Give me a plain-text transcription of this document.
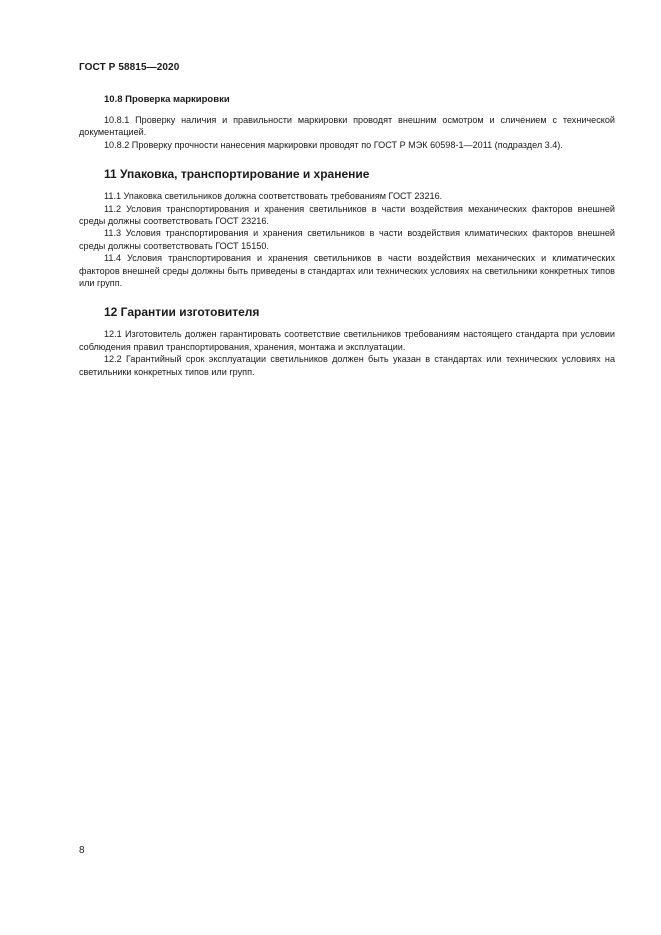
ГОСТ Р 58815—2020
10.8 Проверка маркировки

10.8.1 Проверку наличия и правильности маркировки проводят внешним осмотром и сличением с технической документацией.

10.8.2 Проверку прочности нанесения маркировки проводят по ГОСТ Р МЭК 60598-1—2011 (подраздел 3.4).

11 Упаковка, транспортирование и хранение

11.1 Упаковка светильников должна соответствовать требованиям ГОСТ 23216.

11.2 Условия транспортирования и хранения светильников в части воздействия механических факторов внешней среды должны соответствовать ГОСТ 23216.

11.3 Условия транспортирования и хранения светильников в части воздействия климатических факторов внешней среды должны соответствовать ГОСТ 15150.

11.4 Условия транспортирования и хранения светильников в части воздействия механических и климатических факторов внешней среды должны быть приведены в стандартах или технических условиях на светильники конкретных типов или групп.

12 Гарантии изготовителя

12.1 Изготовитель должен гарантировать соответствие светильников требованиям настоящего стандарта при условии соблюдения правил транспортирования, хранения, монтажа и эксплуатации.

12.2 Гарантийный срок эксплуатации светильников должен быть указан в стандартах или технических условиях на светильники конкретных типов или групп.

8
